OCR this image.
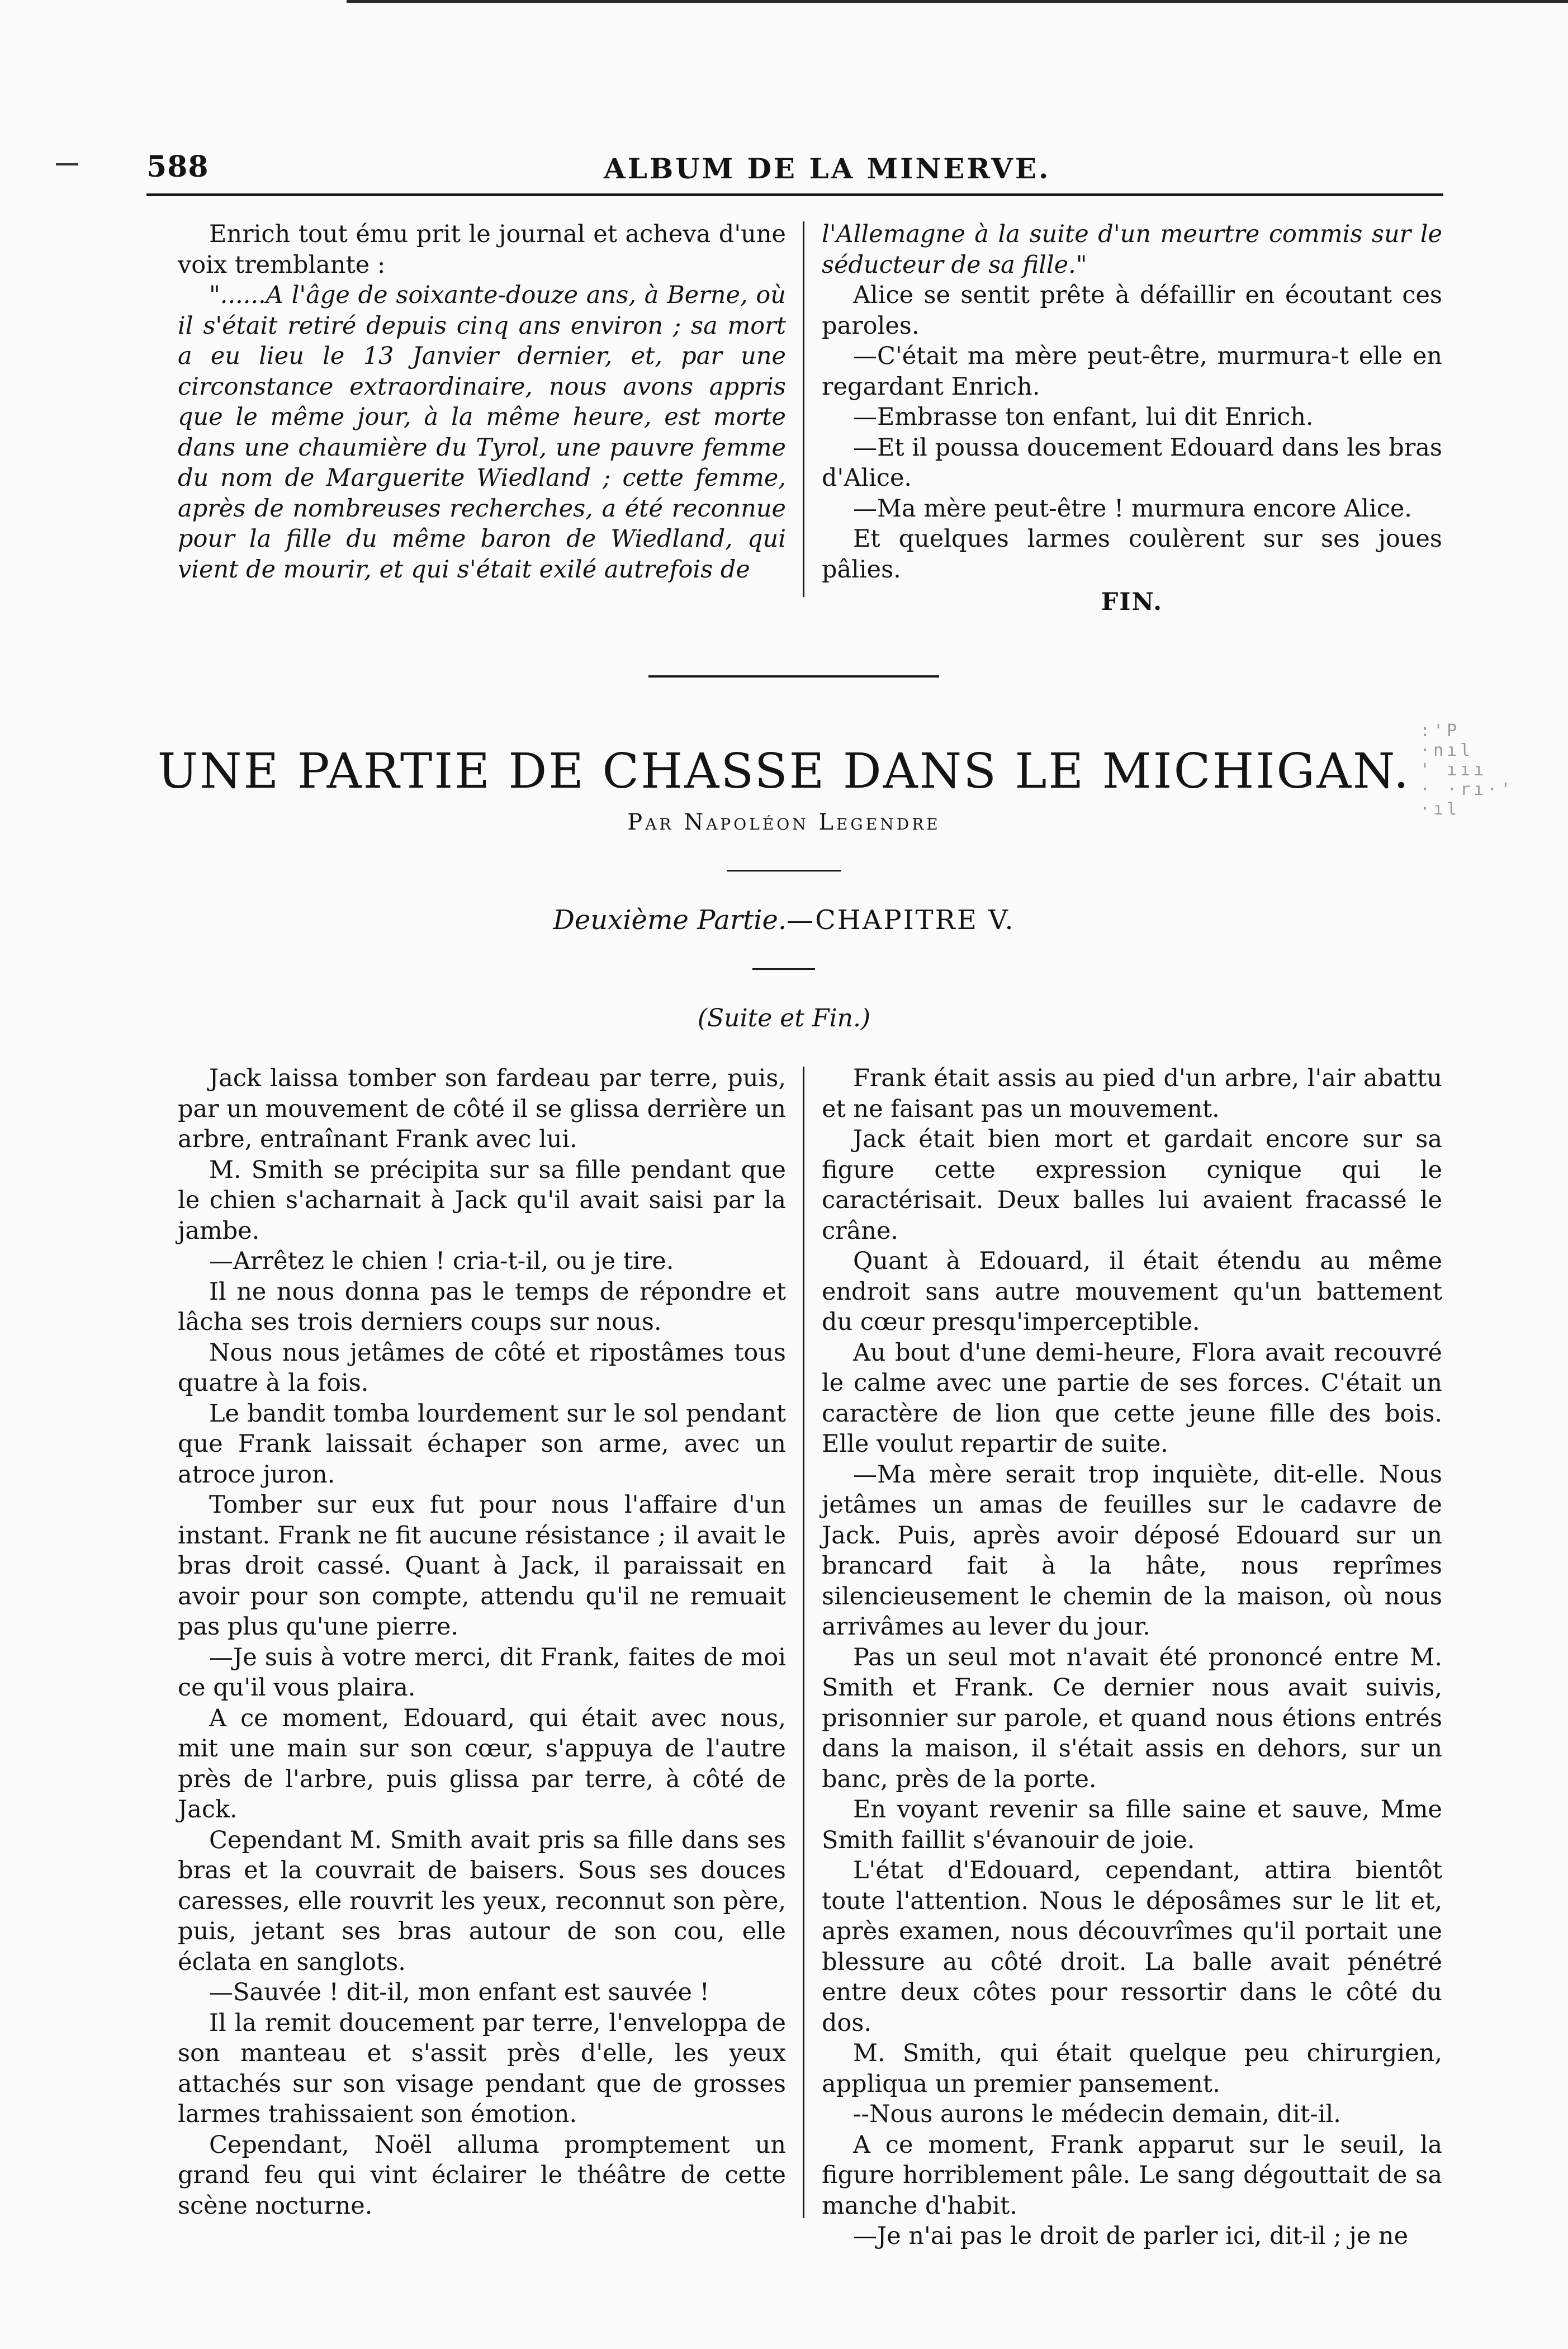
588	ALBUM DE LA MINERVE.

Enrich tout ému prit le journal et acheva d'une voix tremblante :

"......A l'âge de soixante-douze ans, à Berne, où il s'était retiré depuis cinq ans environ ; sa mort a eu lieu le 13 Janvier dernier, et, par une circonstance extraordinaire, nous avons appris que le même jour, à la même heure, est morte dans une chaumière du Tyrol, une pauvre femme du nom de Marguerite Wiedland ; cette femme, après de nombreuses recherches, a été reconnue pour la fille du même baron de Wiedland, qui vient de mourir, et qui s'était exilé autrefois de

l'Allemagne à la suite d'un meurtre commis sur le séducteur de sa fille."

Alice se sentit prête à défaillir en écoutant ces paroles.

—C'était ma mère peut-être, murmura-t elle en regardant Enrich.

—Embrasse ton enfant, lui dit Enrich.

—Et il poussa doucement Edouard dans les bras d'Alice.

—Ma mère peut-être ! murmura encore Alice.

Et quelques larmes coulèrent sur ses joues pâlies.

FIN.
UNE PARTIE DE CHASSE DANS LE MICHIGAN.
Par Napoléon Legendre
Deuxième Partie.—CHAPITRE V.
(Suite et Fin.)

Jack laissa tomber son fardeau par terre, puis, par un mouvement de côté il se glissa derrière un arbre, entraînant Frank avec lui.

M. Smith se précipita sur sa fille pendant que le chien s'acharnait à Jack qu'il avait saisi par la jambe.

—Arrêtez le chien ! cria-t-il, ou je tire.

Il ne nous donna pas le temps de répondre et lâcha ses trois derniers coups sur nous.

Nous nous jetâmes de côté et ripostâmes tous quatre à la fois.

Le bandit tomba lourdement sur le sol pendant que Frank laissait échaper son arme, avec un atroce juron.

Tomber sur eux fut pour nous l'affaire d'un instant. Frank ne fit aucune résistance ; il avait le bras droit cassé. Quant à Jack, il paraissait en avoir pour son compte, attendu qu'il ne remuait pas plus qu'une pierre.

—Je suis à votre merci, dit Frank, faites de moi ce qu'il vous plaira.

A ce moment, Edouard, qui était avec nous, mit une main sur son cœur, s'appuya de l'autre près de l'arbre, puis glissa par terre, à côté de Jack.

Cependant M. Smith avait pris sa fille dans ses bras et la couvrait de baisers. Sous ses douces caresses, elle rouvrit les yeux, reconnut son père, puis, jetant ses bras autour de son cou, elle éclata en sanglots.

—Sauvée ! dit-il, mon enfant est sauvée !

Il la remit doucement par terre, l'enveloppa de son manteau et s'assit près d'elle, les yeux attachés sur son visage pendant que de grosses larmes trahissaient son émotion.

Cependant, Noël alluma promptement un grand feu qui vint éclairer le théâtre de cette scène nocturne.

Frank était assis au pied d'un arbre, l'air abattu et ne faisant pas un mouvement.

Jack était bien mort et gardait encore sur sa figure cette expression cynique qui le caractérisait. Deux balles lui avaient fracassé le crâne.

Quant à Edouard, il était étendu au même endroit sans autre mouvement qu'un battement du cœur presqu'imperceptible.

Au bout d'une demi-heure, Flora avait recouvré le calme avec une partie de ses forces. C'était un caractère de lion que cette jeune fille des bois. Elle voulut repartir de suite.

—Ma mère serait trop inquiète, dit-elle. Nous jetâmes un amas de feuilles sur le cadavre de Jack. Puis, après avoir déposé Edouard sur un brancard fait à la hâte, nous reprîmes silencieusement le chemin de la maison, où nous arrivâmes au lever du jour.

Pas un seul mot n'avait été prononcé entre M. Smith et Frank. Ce dernier nous avait suivis, prisonnier sur parole, et quand nous étions entrés dans la maison, il s'était assis en dehors, sur un banc, près de la porte.

En voyant revenir sa fille saine et sauve, Mme Smith faillit s'évanouir de joie.

L'état d'Edouard, cependant, attira bientôt toute l'attention. Nous le déposâmes sur le lit et, après examen, nous découvrîmes qu'il portait une blessure au côté droit. La balle avait pénétré entre deux côtes pour ressortir dans le côté du dos.

M. Smith, qui était quelque peu chirurgien, appliqua un premier pansement.

--Nous aurons le médecin demain, dit-il.

A ce moment, Frank apparut sur le seuil, la figure horriblement pâle. Le sang dégouttait de sa manche d'habit.

—Je n'ai pas le droit de parler ici, dit-il ; je ne

:'P
·nıl
' ııı
· ·rı·'
·ıl
